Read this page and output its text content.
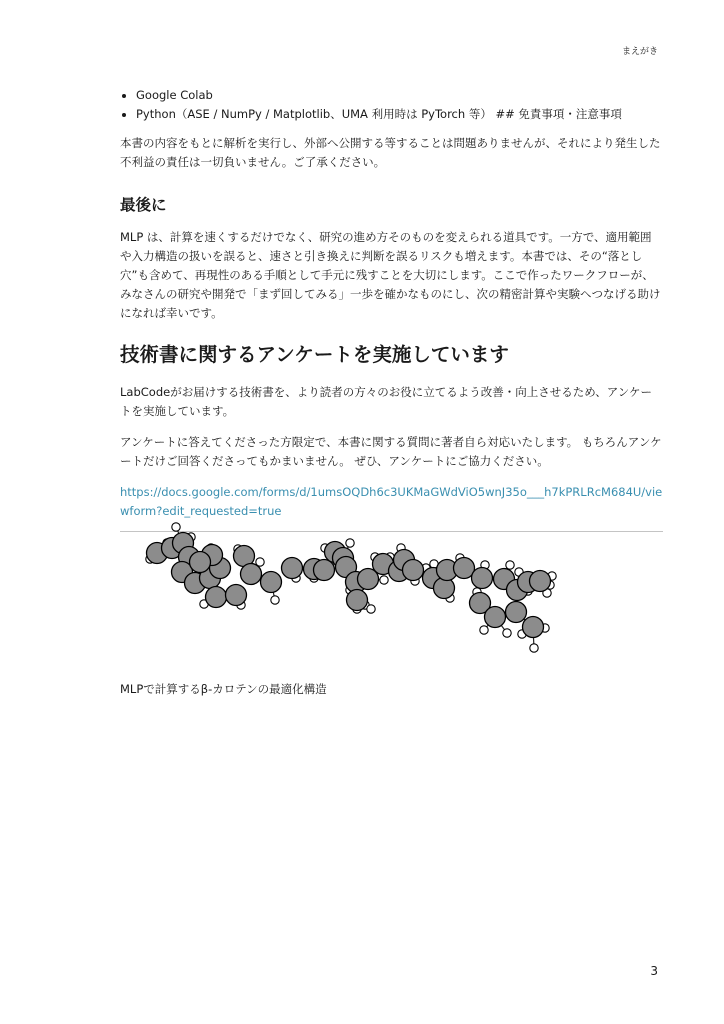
まえがき
• Google Colab
• Python（ASE / NumPy / Matplotlib、UMA 利用時は PyTorch 等） ## 免責事項・注意事項

本書の内容をもとに解析を実行し、外部へ公開する等することは問題ありませんが、それにより発生した不利益の責任は一切負いません。ご了承ください。

最後に

MLP は、計算を速くするだけでなく、研究の進め方そのものを変えられる道具です。一方で、適用範囲や入力構造の扱いを誤ると、速さと引き換えに判断を誤るリスクも増えます。本書では、その“落とし穴”も含めて、再現性のある手順として手元に残すことを大切にします。ここで作ったワークフローが、みなさんの研究や開発で「まず回してみる」一歩を確かなものにし、次の精密計算や実験へつなげる助けになれば幸いです。

技術書に関するアンケートを実施しています

LabCodeがお届けする技術書を、より読者の方々のお役に立てるよう改善・向上させるため、アンケートを実施しています。

アンケートに答えてくださった方限定で、本書に関する質問に著者自ら対応いたします。 もちろんアンケートだけご回答くださってもかまいません。 ぜひ、アンケートにご協力ください。

https://docs.google.com/forms/d/1umsOQDh6c3UKMaGWdViO5wnJ35o___h7kPRLRcM684U/viewform?edit_requested=true
MLPで計算するβ-カロテンの最適化構造
3
